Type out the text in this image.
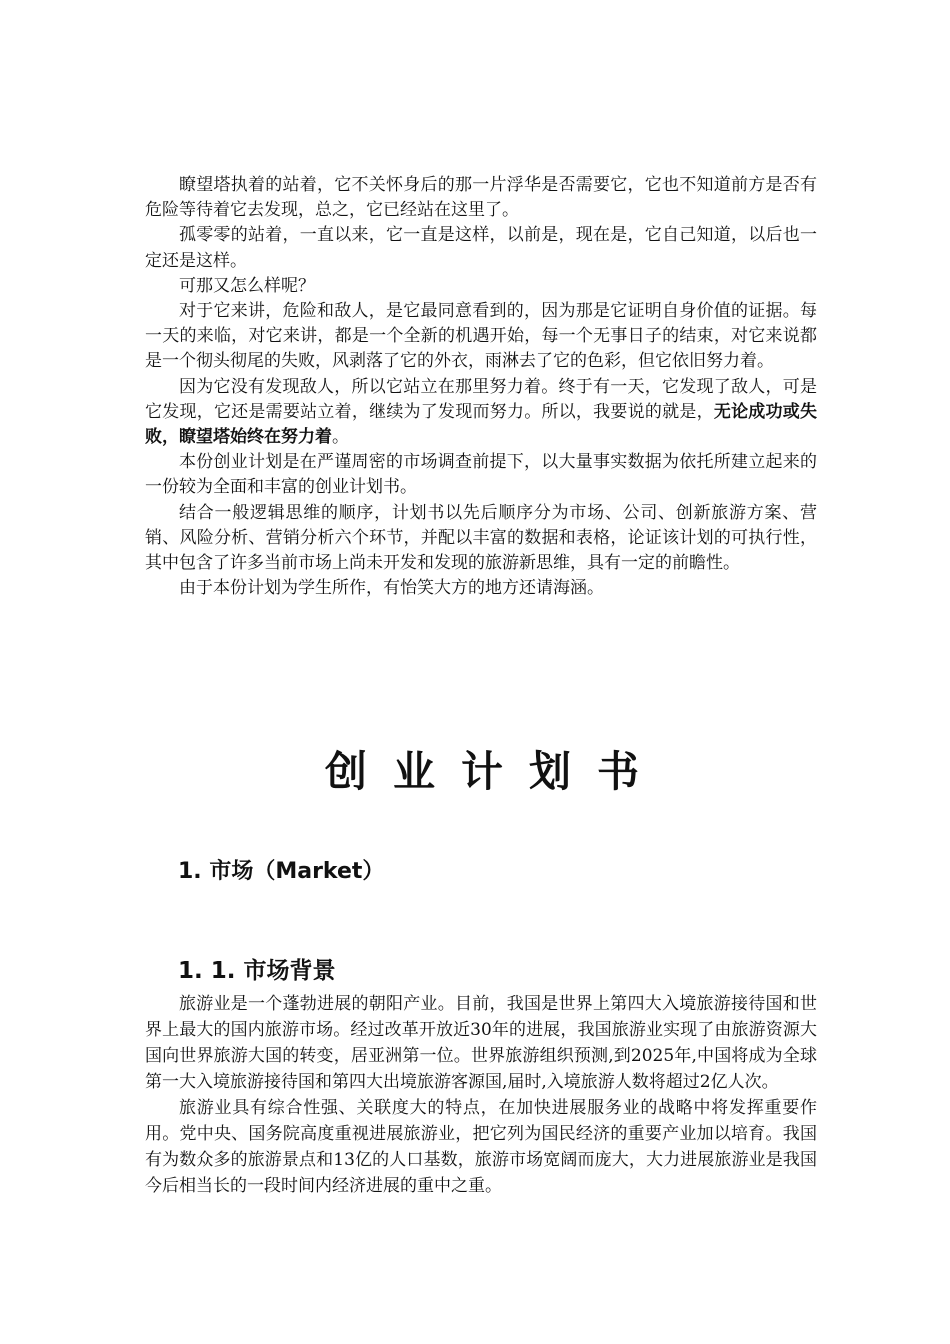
瞭望塔执着的站着，它不关怀身后的那一片浮华是否需要它，它也不知道前方是否有危险等待着它去发现，总之，它已经站在这里了。

孤零零的站着，一直以来，它一直是这样，以前是，现在是，它自己知道，以后也一定还是这样。

可那又怎么样呢？

对于它来讲，危险和敌人，是它最同意看到的，因为那是它证明自身价值的证据。每一天的来临，对它来讲，都是一个全新的机遇开始，每一个无事日子的结束，对它来说都是一个彻头彻尾的失败，风剥落了它的外衣，雨淋去了它的色彩，但它依旧努力着。

因为它没有发现敌人，所以它站立在那里努力着。终于有一天，它发现了敌人，可是它发现，它还是需要站立着，继续为了发现而努力。所以，我要说的就是，无论成功或失败，瞭望塔始终在努力着。

本份创业计划是在严谨周密的市场调查前提下，以大量事实数据为依托所建立起来的一份较为全面和丰富的创业计划书。

结合一般逻辑思维的顺序，计划书以先后顺序分为市场、公司、创新旅游方案、营销、风险分析、营销分析六个环节，并配以丰富的数据和表格，论证该计划的可执行性，其中包含了许多当前市场上尚未开发和发现的旅游新思维，具有一定的前瞻性。

由于本份计划为学生所作，有怡笑大方的地方还请海涵。

创业计划书
1. 市场（Market）
1. 1. 市场背景

旅游业是一个蓬勃进展的朝阳产业。目前，我国是世界上第四大入境旅游接待国和世界上最大的国内旅游市场。经过改革开放近30年的进展，我国旅游业实现了由旅游资源大国向世界旅游大国的转变，居亚洲第一位。世界旅游组织预测,到2025年,中国将成为全球第一大入境旅游接待国和第四大出境旅游客源国,届时,入境旅游人数将超过2亿人次。

旅游业具有综合性强、关联度大的特点，在加快进展服务业的战略中将发挥重要作用。党中央、国务院高度重视进展旅游业，把它列为国民经济的重要产业加以培育。我国有为数众多的旅游景点和13亿的人口基数，旅游市场宽阔而庞大，大力进展旅游业是我国今后相当长的一段时间内经济进展的重中之重。
